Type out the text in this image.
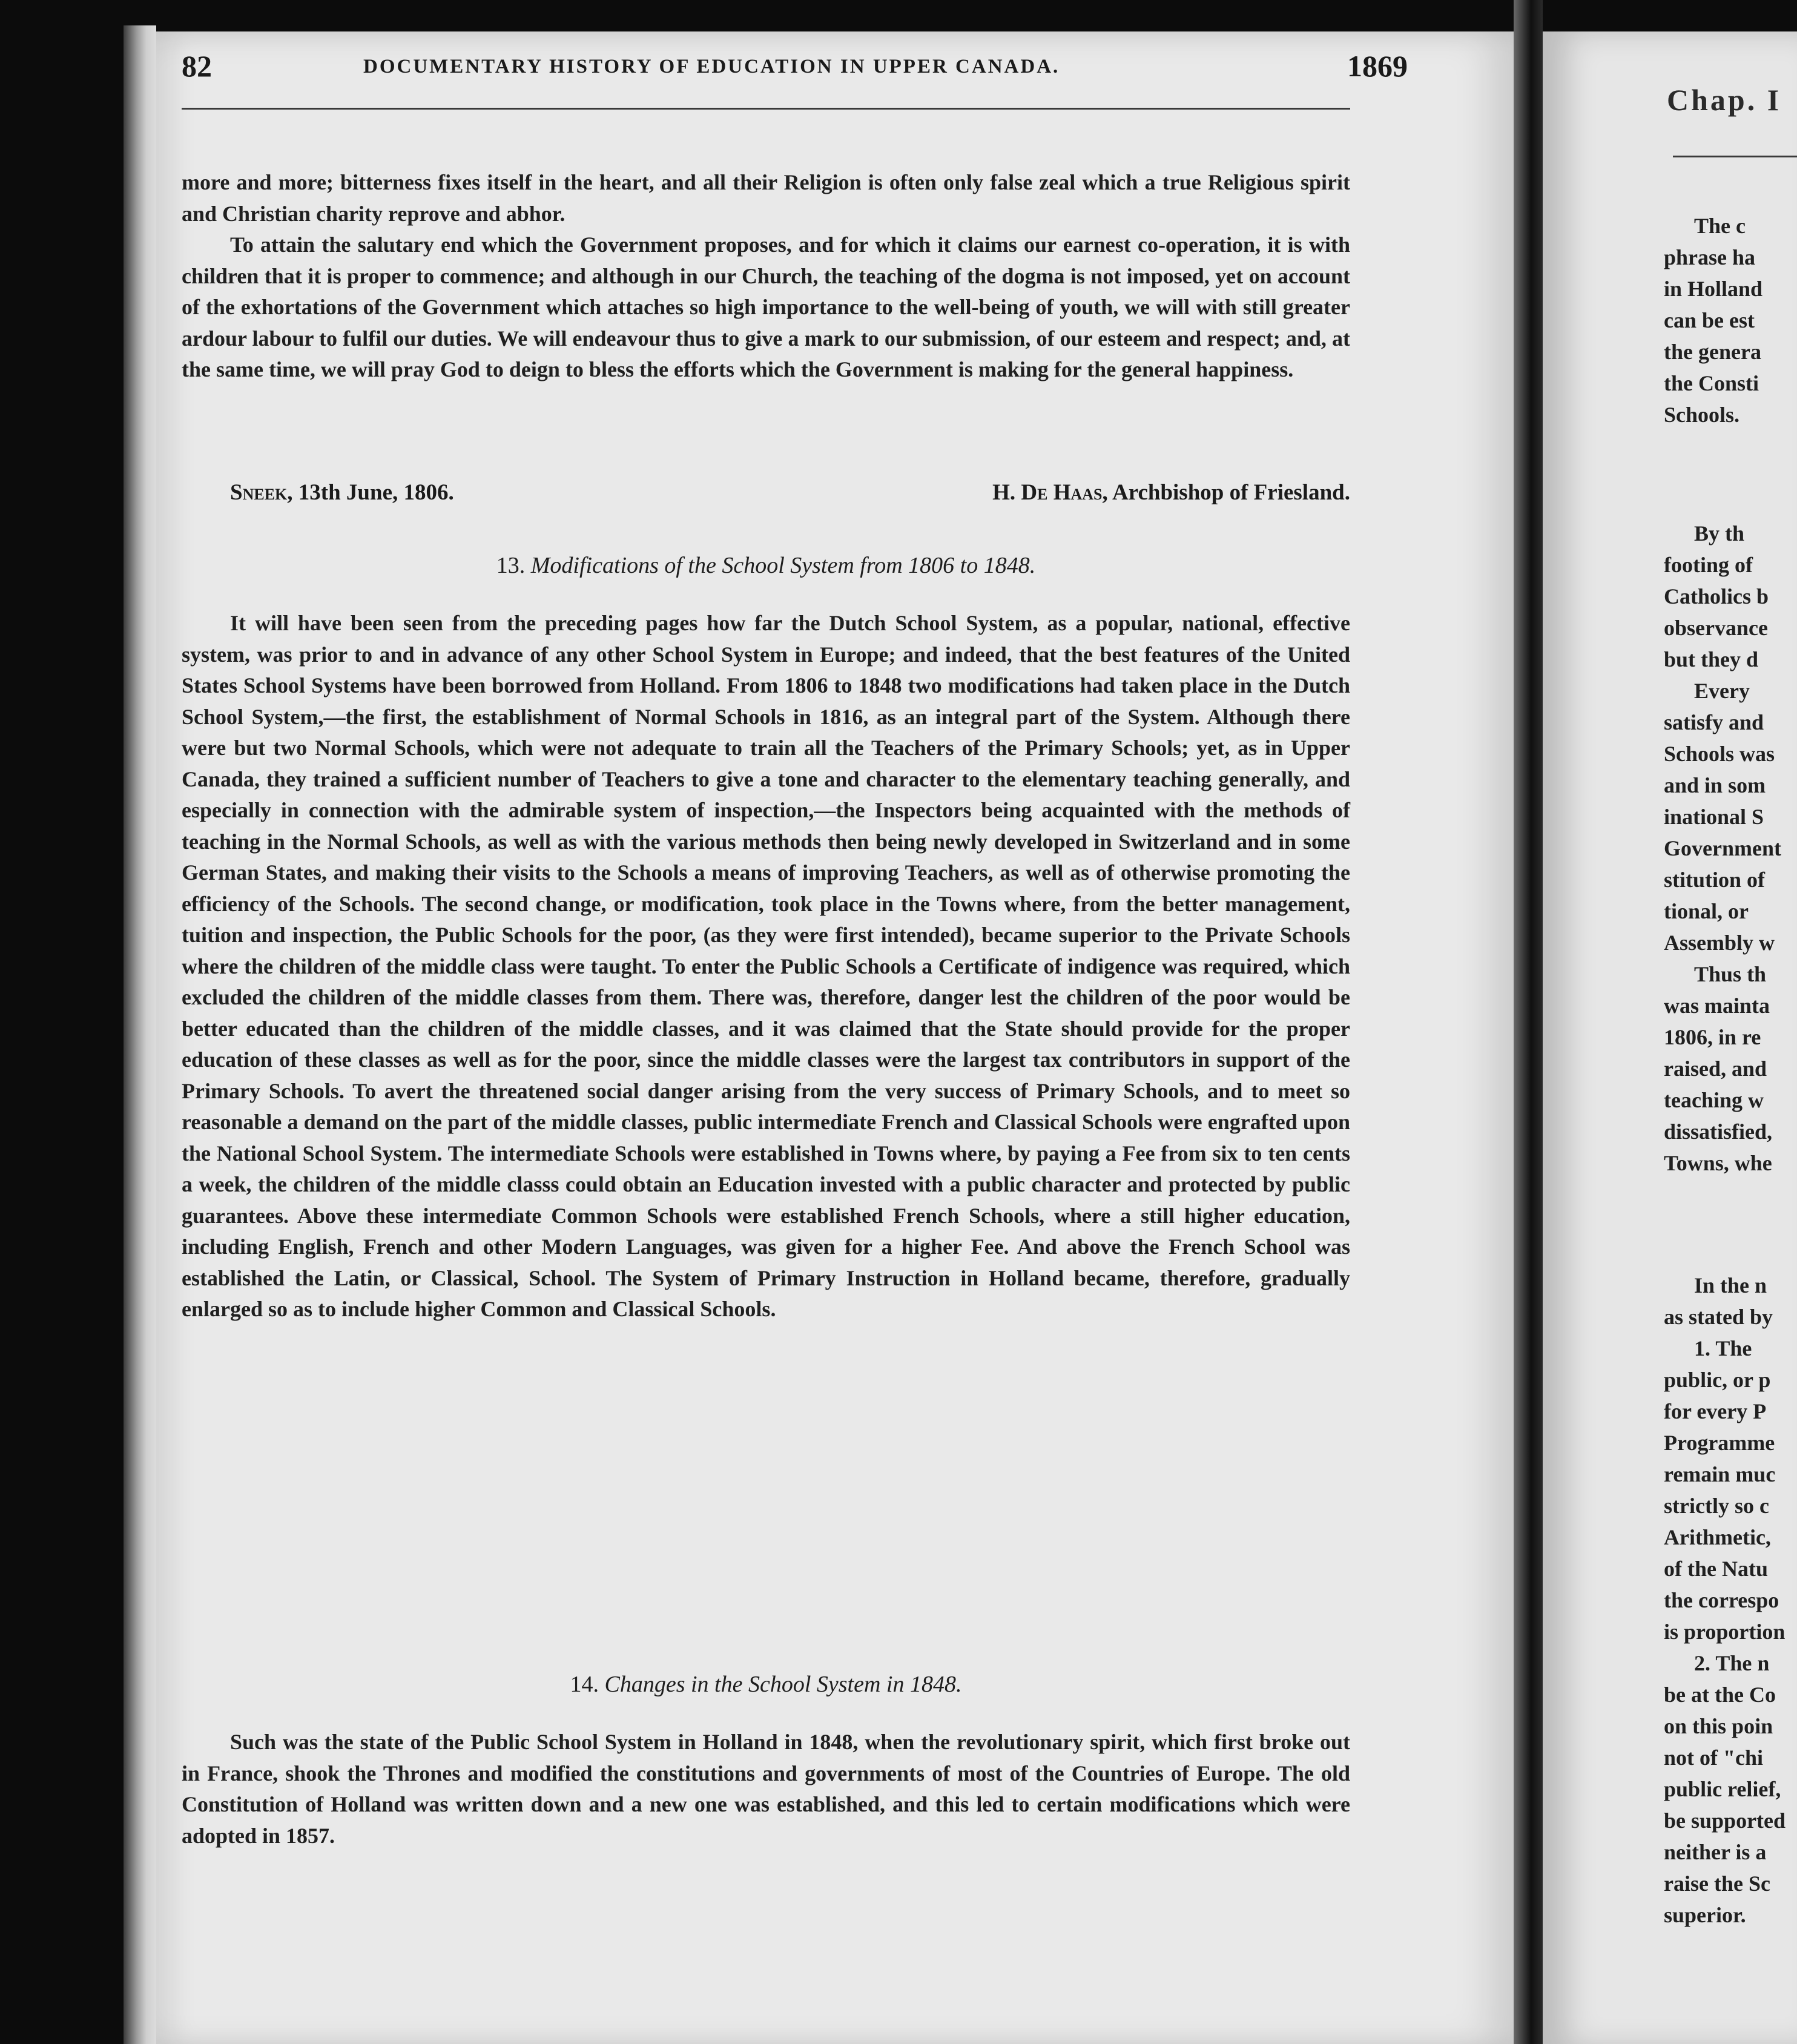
82	DOCUMENTARY HISTORY OF EDUCATION IN UPPER CANADA.	1869

more and more; bitterness fixes itself in the heart, and all their Religion is often only false zeal which a true Religious spirit and Christian charity reprove and abhor.

To attain the salutary end which the Government proposes, and for which it claims our earnest co-operation, it is with children that it is proper to commence; and although in our Church, the teaching of the dogma is not imposed, yet on account of the exhortations of the Government which attaches so high importance to the well-being of youth, we will with still greater ardour labour to fulfil our duties. We will endeavour thus to give a mark to our submission, of our esteem and respect; and, at the same time, we will pray God to deign to bless the efforts which the Government is making for the general happiness.

Sneek, 13th June, 1806.	H. De Haas, Archbishop of Friesland.
13. Modifications of the School System from 1806 to 1848.

It will have been seen from the preceding pages how far the Dutch School System, as a popular, national, effective system, was prior to and in advance of any other School System in Europe; and indeed, that the best features of the United States School Systems have been borrowed from Holland. From 1806 to 1848 two modifications had taken place in the Dutch School System,—the first, the establishment of Normal Schools in 1816, as an integral part of the System. Although there were but two Normal Schools, which were not adequate to train all the Teachers of the Primary Schools; yet, as in Upper Canada, they trained a sufficient number of Teachers to give a tone and character to the elementary teaching generally, and especially in connection with the admirable system of inspection,—the Inspectors being acquainted with the methods of teaching in the Normal Schools, as well as with the various methods then being newly developed in Switzerland and in some German States, and making their visits to the Schools a means of improving Teachers, as well as of otherwise promoting the efficiency of the Schools. The second change, or modification, took place in the Towns where, from the better management, tuition and inspection, the Public Schools for the poor, (as they were first intended), became superior to the Private Schools where the children of the middle class were taught. To enter the Public Schools a Certificate of indigence was required, which excluded the children of the middle classes from them. There was, therefore, danger lest the children of the poor would be better educated than the children of the middle classes, and it was claimed that the State should provide for the proper education of these classes as well as for the poor, since the middle classes were the largest tax contributors in support of the Primary Schools. To avert the threatened social danger arising from the very success of Primary Schools, and to meet so reasonable a demand on the part of the middle classes, public intermediate French and Classical Schools were engrafted upon the National School System. The intermediate Schools were established in Towns where, by paying a Fee from six to ten cents a week, the children of the middle classs could obtain an Education invested with a public character and protected by public guarantees. Above these intermediate Common Schools were established French Schools, where a still higher education, including English, French and other Modern Languages, was given for a higher Fee. And above the French School was established the Latin, or Classical, School. The System of Primary Instruction in Holland became, therefore, gradually enlarged so as to include higher Common and Classical Schools.

14. Changes in the School System in 1848.

Such was the state of the Public School System in Holland in 1848, when the revolutionary spirit, which first broke out in France, shook the Thrones and modified the constitutions and governments of most of the Countries of Europe. The old Constitution of Holland was written down and a new one was established, and this led to certain modifications which were adopted in 1857.

Chap. I
The c
phrase ha
in Holland
can be est
the genera
the Consti
Schools.
By th
footing of
Catholics b
observance
but they d
Every
satisfy and
Schools was
and in som
inational S
Government
stitution of
tional, or
Assembly w
Thus th
was mainta
1806, in re
raised, and
teaching w
dissatisfied,
Towns, whe
In the n
as stated by
1. The
public, or p
for every P
Programme
remain muc
strictly so c
Arithmetic,
of the Natu
the correspo
is proportion
2. The n
be at the Co
on this poin
not of "chi
public relief,
be supported
neither is a
raise the Sc
superior.
